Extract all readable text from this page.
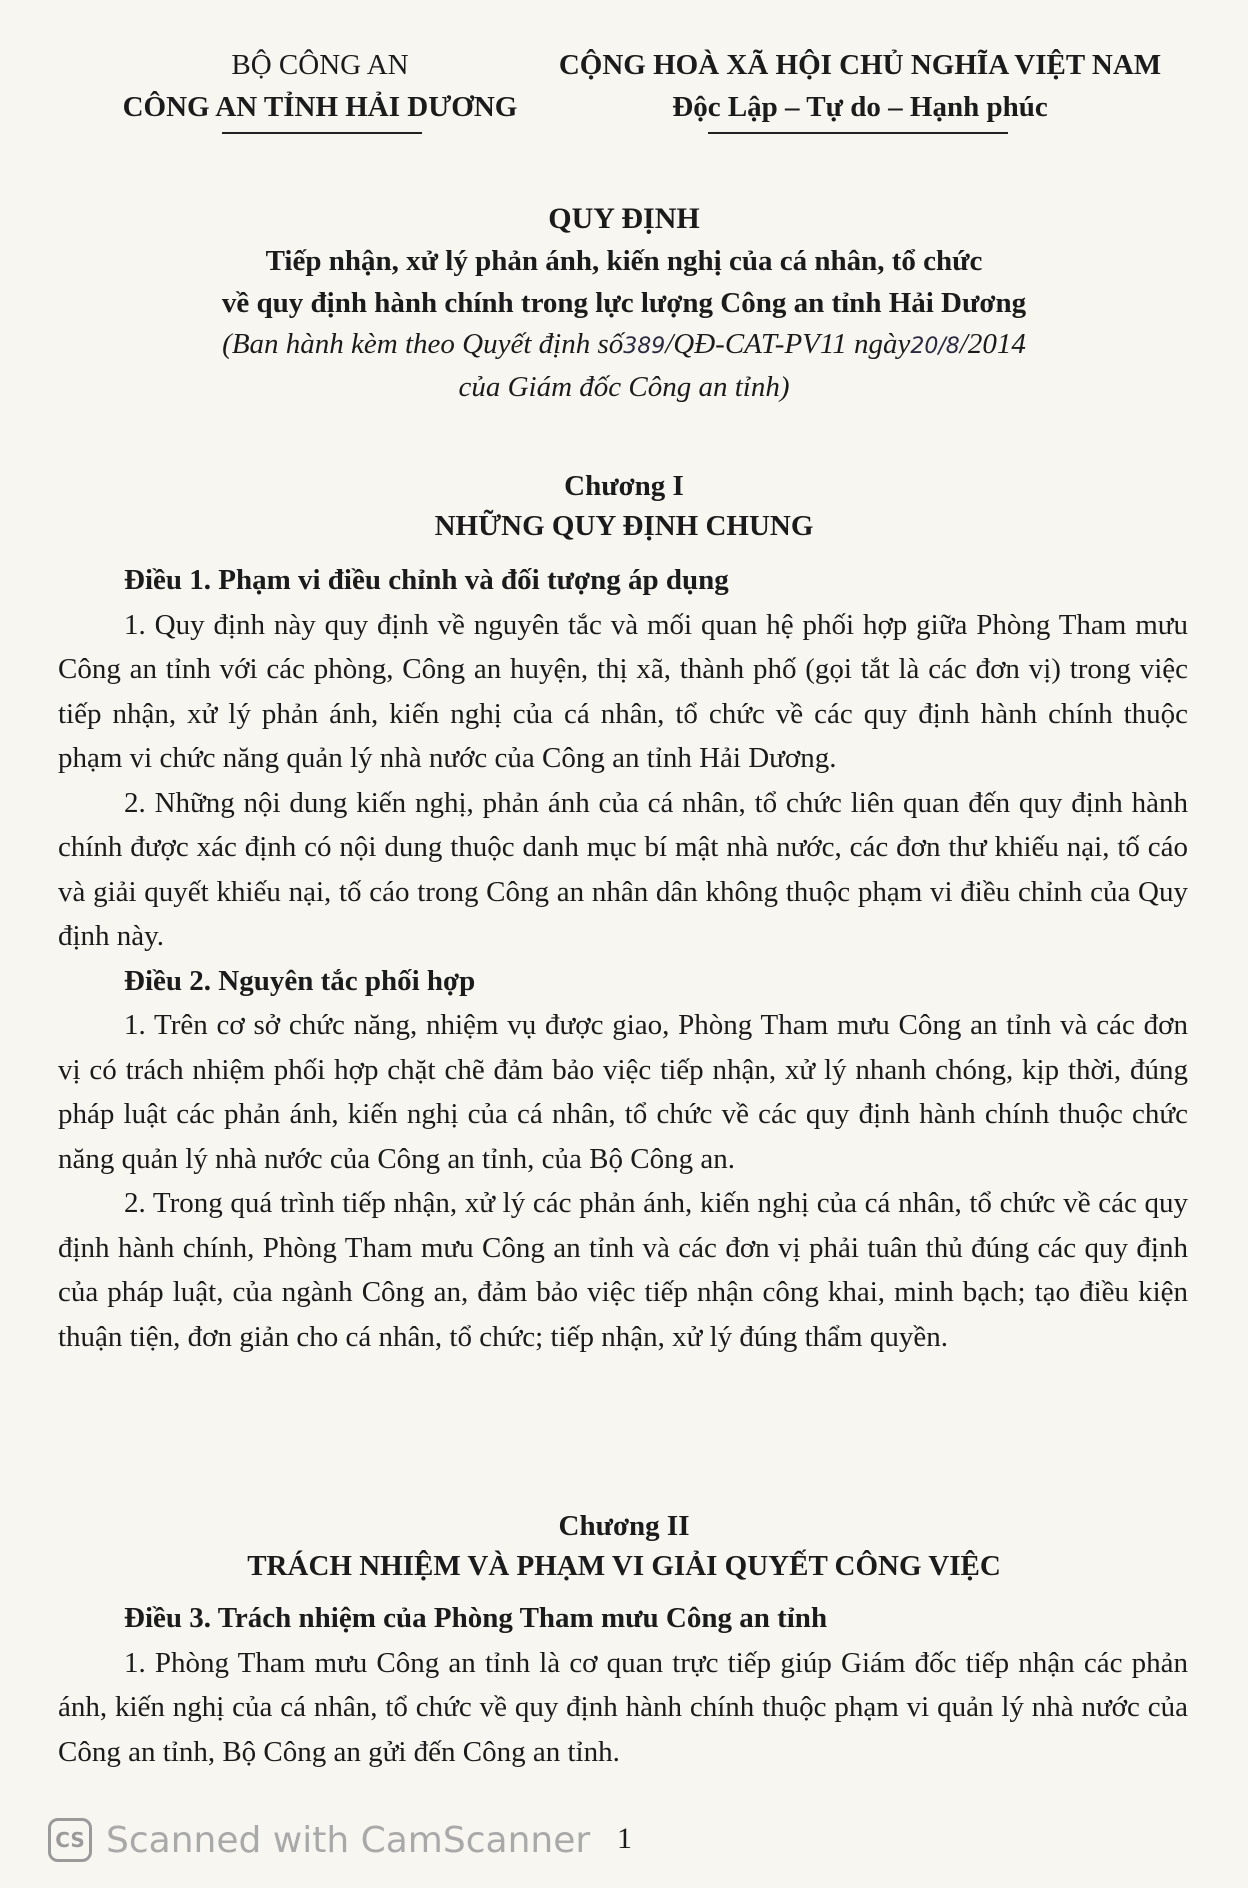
BỘ CÔNG AN
CÔNG AN TỈNH HẢI DƯƠNG
CỘNG HOÀ XÃ HỘI CHỦ NGHĨA VIỆT NAM
Độc Lập – Tự do – Hạnh phúc
QUY ĐỊNH
Tiếp nhận, xử lý phản ánh, kiến nghị của cá nhân, tổ chức
về quy định hành chính trong lực lượng Công an tỉnh Hải Dương
(Ban hành kèm theo Quyết định số389/QĐ-CAT-PV11 ngày20/8/2014
của Giám đốc Công an tỉnh)
Chương I
NHỮNG QUY ĐỊNH CHUNG

Điều 1. Phạm vi điều chỉnh và đối tượng áp dụng

1. Quy định này quy định về nguyên tắc và mối quan hệ phối hợp giữa Phòng Tham mưu Công an tỉnh với các phòng, Công an huyện, thị xã, thành phố (gọi tắt là các đơn vị) trong việc tiếp nhận, xử lý phản ánh, kiến nghị của cá nhân, tổ chức về các quy định hành chính thuộc phạm vi chức năng quản lý nhà nước của Công an tỉnh Hải Dương.

2. Những nội dung kiến nghị, phản ánh của cá nhân, tổ chức liên quan đến quy định hành chính được xác định có nội dung thuộc danh mục bí mật nhà nước, các đơn thư khiếu nại, tố cáo và giải quyết khiếu nại, tố cáo trong Công an nhân dân không thuộc phạm vi điều chỉnh của Quy định này.

Điều 2. Nguyên tắc phối hợp

1. Trên cơ sở chức năng, nhiệm vụ được giao, Phòng Tham mưu Công an tỉnh và các đơn vị có trách nhiệm phối hợp chặt chẽ đảm bảo việc tiếp nhận, xử lý nhanh chóng, kịp thời, đúng pháp luật các phản ánh, kiến nghị của cá nhân, tổ chức về các quy định hành chính thuộc chức năng quản lý nhà nước của Công an tỉnh, của Bộ Công an.

2. Trong quá trình tiếp nhận, xử lý các phản ánh, kiến nghị của cá nhân, tổ chức về các quy định hành chính, Phòng Tham mưu Công an tỉnh và các đơn vị phải tuân thủ đúng các quy định của pháp luật, của ngành Công an, đảm bảo việc tiếp nhận công khai, minh bạch; tạo điều kiện thuận tiện, đơn giản cho cá nhân, tổ chức; tiếp nhận, xử lý đúng thẩm quyền.

Chương II
TRÁCH NHIỆM VÀ PHẠM VI GIẢI QUYẾT CÔNG VIỆC

Điều 3. Trách nhiệm của Phòng Tham mưu Công an tỉnh

1. Phòng Tham mưu Công an tỉnh là cơ quan trực tiếp giúp Giám đốc tiếp nhận các phản ánh, kiến nghị của cá nhân, tổ chức về quy định hành chính thuộc phạm vi quản lý nhà nước của Công an tỉnh, Bộ Công an gửi đến Công an tỉnh.

1
CS Scanned with CamScanner
